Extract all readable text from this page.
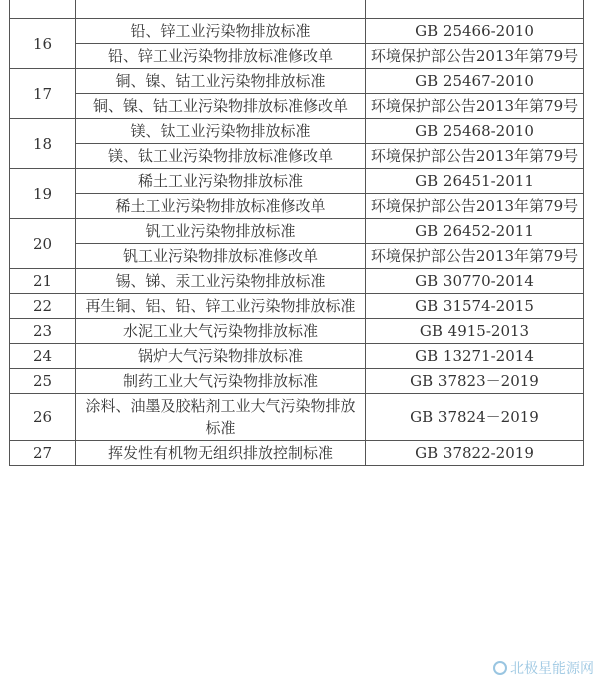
16	铅、锌工业污染物排放标准	GB 25466-2010
	铅、锌工业污染物排放标准修改单	环境保护部公告2013年第79号
17	铜、镍、钴工业污染物排放标准	GB 25467-2010
	铜、镍、钴工业污染物排放标准修改单	环境保护部公告2013年第79号
18	镁、钛工业污染物排放标准	GB 25468-2010
	镁、钛工业污染物排放标准修改单	环境保护部公告2013年第79号
19	稀土工业污染物排放标准	GB 26451-2011
	稀土工业污染物排放标准修改单	环境保护部公告2013年第79号
20	钒工业污染物排放标准	GB 26452-2011
	钒工业污染物排放标准修改单	环境保护部公告2013年第79号
21	锡、锑、汞工业污染物排放标准	GB 30770-2014
22	再生铜、铝、铅、锌工业污染物排放标准	GB 31574-2015
23	水泥工业大气污染物排放标准	GB 4915-2013
24	锅炉大气污染物排放标准	GB 13271-2014
25	制药工业大气污染物排放标准	GB 37823－2019
26	涂料、油墨及胶粘剂工业大气污染物排放标准	GB 37824－2019
27	挥发性有机物无组织排放控制标准	GB 37822-2019
北极星能源网
